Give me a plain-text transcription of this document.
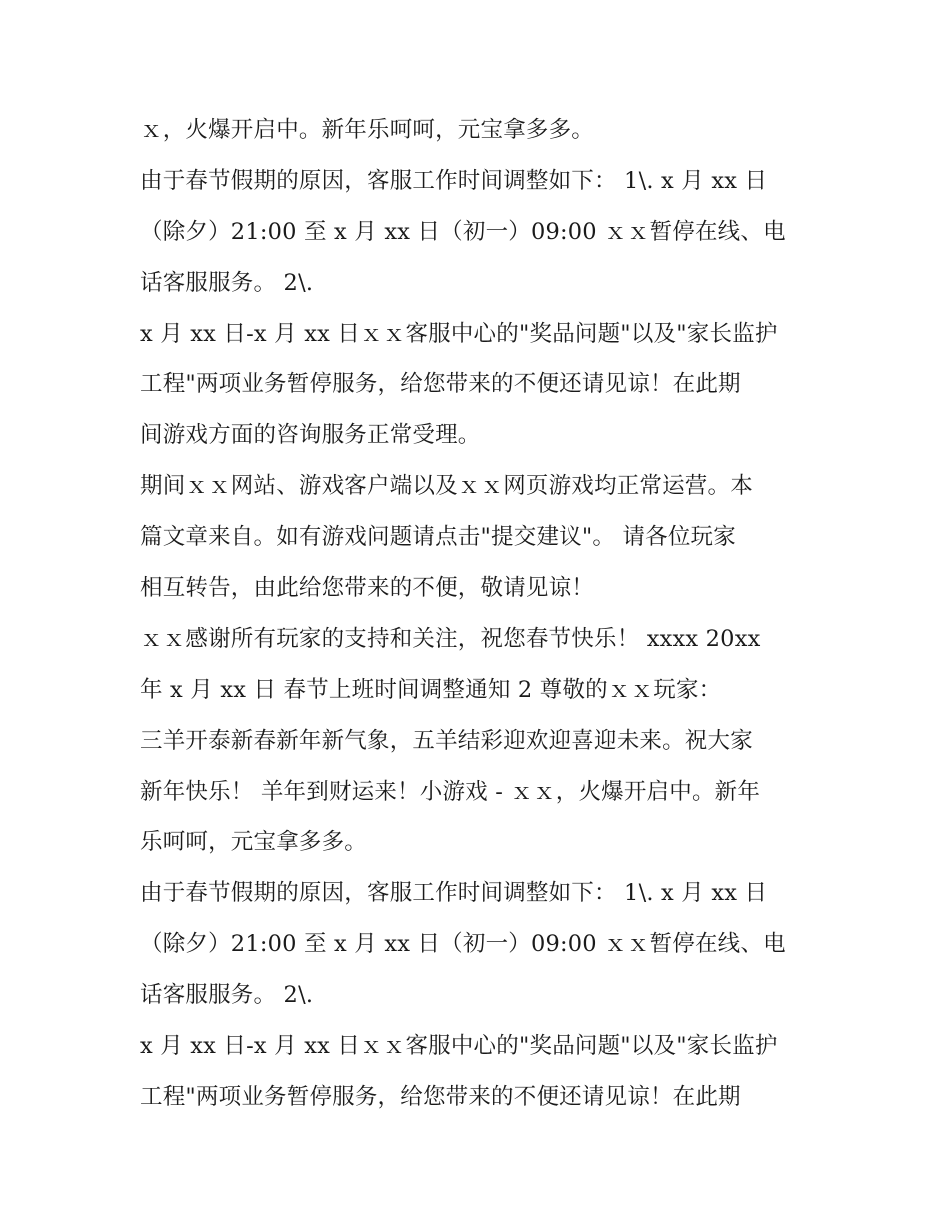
ｘ，火爆开启中。新年乐呵呵，元宝拿多多。
由于春节假期的原因，客服工作时间调整如下： 1\. x 月 xx 日
（除夕）21:00 至 x 月 xx 日（初一）09:00 ｘｘ暂停在线、电
话客服服务。 2\.
x 月 xx 日-x 月 xx 日ｘｘ客服中心的"奖品问题"以及"家长监护
工程"两项业务暂停服务，给您带来的不便还请见谅！在此期
间游戏方面的咨询服务正常受理。
期间ｘｘ网站、游戏客户端以及ｘｘ网页游戏均正常运营。本
篇文章来自。如有游戏问题请点击"提交建议"。 请各位玩家
相互转告，由此给您带来的不便，敬请见谅！
ｘｘ感谢所有玩家的支持和关注，祝您春节快乐！ xxxx 20xx
年 x 月 xx 日 春节上班时间调整通知 2 尊敬的ｘｘ玩家：
三羊开泰新春新年新气象，五羊结彩迎欢迎喜迎未来。祝大家
新年快乐！ 羊年到财运来！小游戏 - ｘｘ，火爆开启中。新年
乐呵呵，元宝拿多多。
由于春节假期的原因，客服工作时间调整如下： 1\. x 月 xx 日
（除夕）21:00 至 x 月 xx 日（初一）09:00 ｘｘ暂停在线、电
话客服服务。 2\.
x 月 xx 日-x 月 xx 日ｘｘ客服中心的"奖品问题"以及"家长监护
工程"两项业务暂停服务，给您带来的不便还请见谅！在此期
